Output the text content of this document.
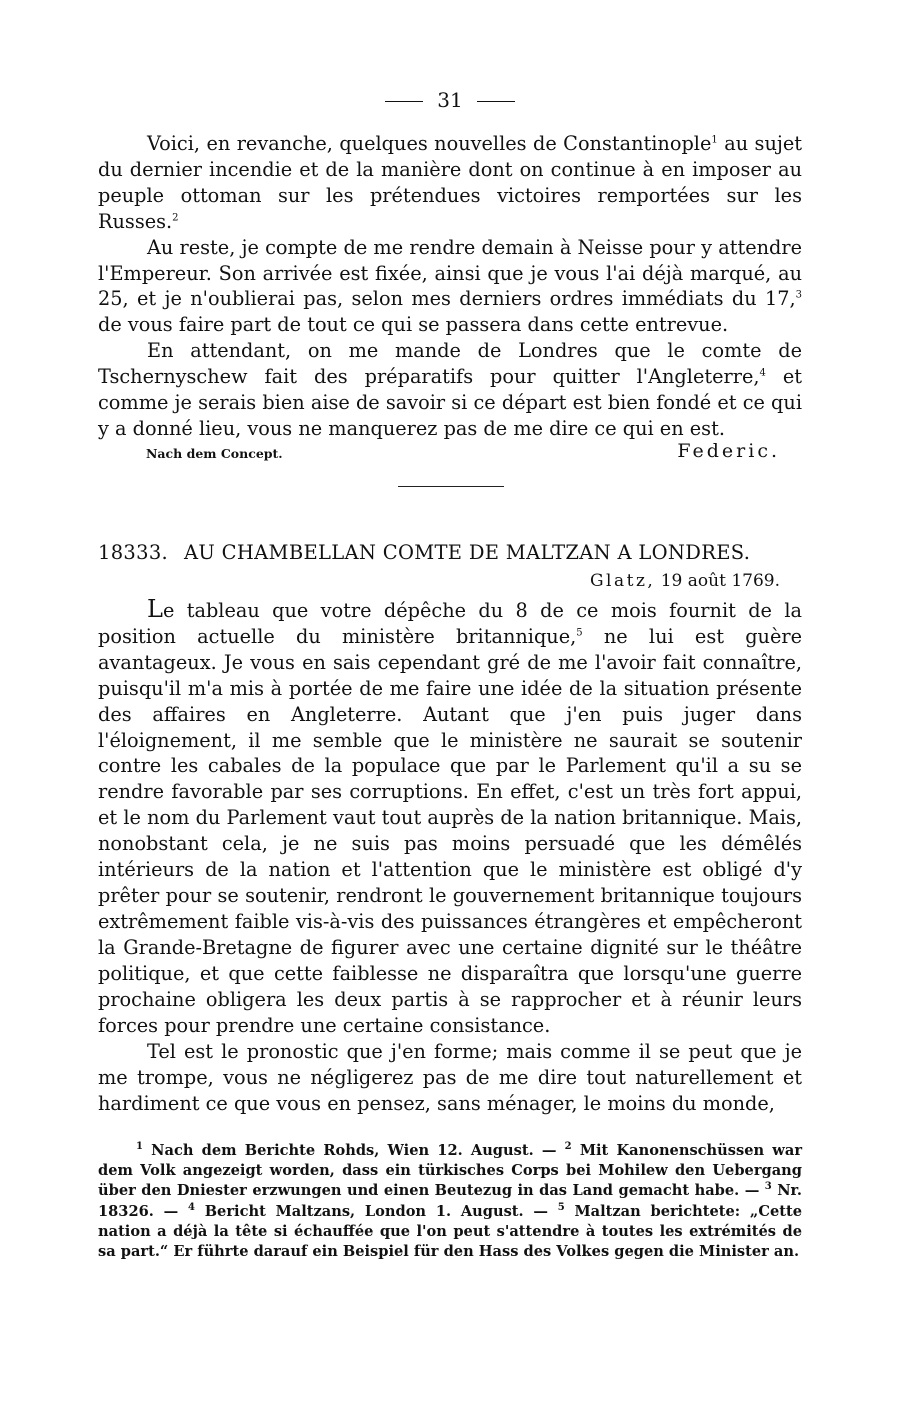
31

Voici, en revanche, quelques nouvelles de Constantinople$^1$ au sujet du dernier incendie et de la manière dont on continue à en imposer au peuple ottoman sur les prétendues victoires remportées sur les Russes.$^2$

Au reste, je compte de me rendre demain à Neisse pour y attendre l'Empereur. Son arrivée est fixée, ainsi que je vous l'ai déjà marqué, au 25, et je n'oublierai pas, selon mes derniers ordres immédiats du 17,$^3$ de vous faire part de tout ce qui se passera dans cette entrevue.

En attendant, on me mande de Londres que le comte de Tschernyschew fait des préparatifs pour quitter l'Angleterre,$^4$ et comme je serais bien aise de savoir si ce départ est bien fondé et ce qui y a donné lieu, vous ne manquerez pas de me dire ce qui en est.

Nach dem Concept.	Federic.
18333. AU CHAMBELLAN COMTE DE MALTZAN A LONDRES.
Glatz, 19 août 1769.

Le tableau que votre dépêche du 8 de ce mois fournit de la position actuelle du ministère britannique,$^5$ ne lui est guère avantageux. Je vous en sais cependant gré de me l'avoir fait connaître, puisqu'il m'a mis à portée de me faire une idée de la situation présente des affaires en Angleterre. Autant que j'en puis juger dans l'éloignement, il me semble que le ministère ne saurait se soutenir contre les cabales de la populace que par le Parlement qu'il a su se rendre favorable par ses corruptions. En effet, c'est un très fort appui, et le nom du Parlement vaut tout auprès de la nation britannique. Mais, nonobstant cela, je ne suis pas moins persuadé que les démêlés intérieurs de la nation et l'attention que le ministère est obligé d'y prêter pour se soutenir, rendront le gouvernement britannique toujours extrêmement faible vis-à-vis des puissances étrangères et empêcheront la Grande-Bretagne de figurer avec une certaine dignité sur le théâtre politique, et que cette faiblesse ne disparaîtra que lorsqu'une guerre prochaine obligera les deux partis à se rapprocher et à réunir leurs forces pour prendre une certaine consistance.

Tel est le pronostic que j'en forme; mais comme il se peut que je me trompe, vous ne négligerez pas de me dire tout naturellement et hardiment ce que vous en pensez, sans ménager, le moins du monde,

$^1$ Nach dem Berichte Rohds, Wien 12. August. — $^2$ Mit Kanonenschüssen war dem Volk angezeigt worden, dass ein türkisches Corps bei Mohilew den Uebergang über den Dniester erzwungen und einen Beutezug in das Land gemacht habe. — $^3$ Nr. 18326. — $^4$ Bericht Maltzans, London 1. August. — $^5$ Maltzan berichtete: „Cette nation a déjà la tête si échauffée que l'on peut s'attendre à toutes les extrémités de sa part.“ Er führte darauf ein Beispiel für den Hass des Volkes gegen die Minister an.
